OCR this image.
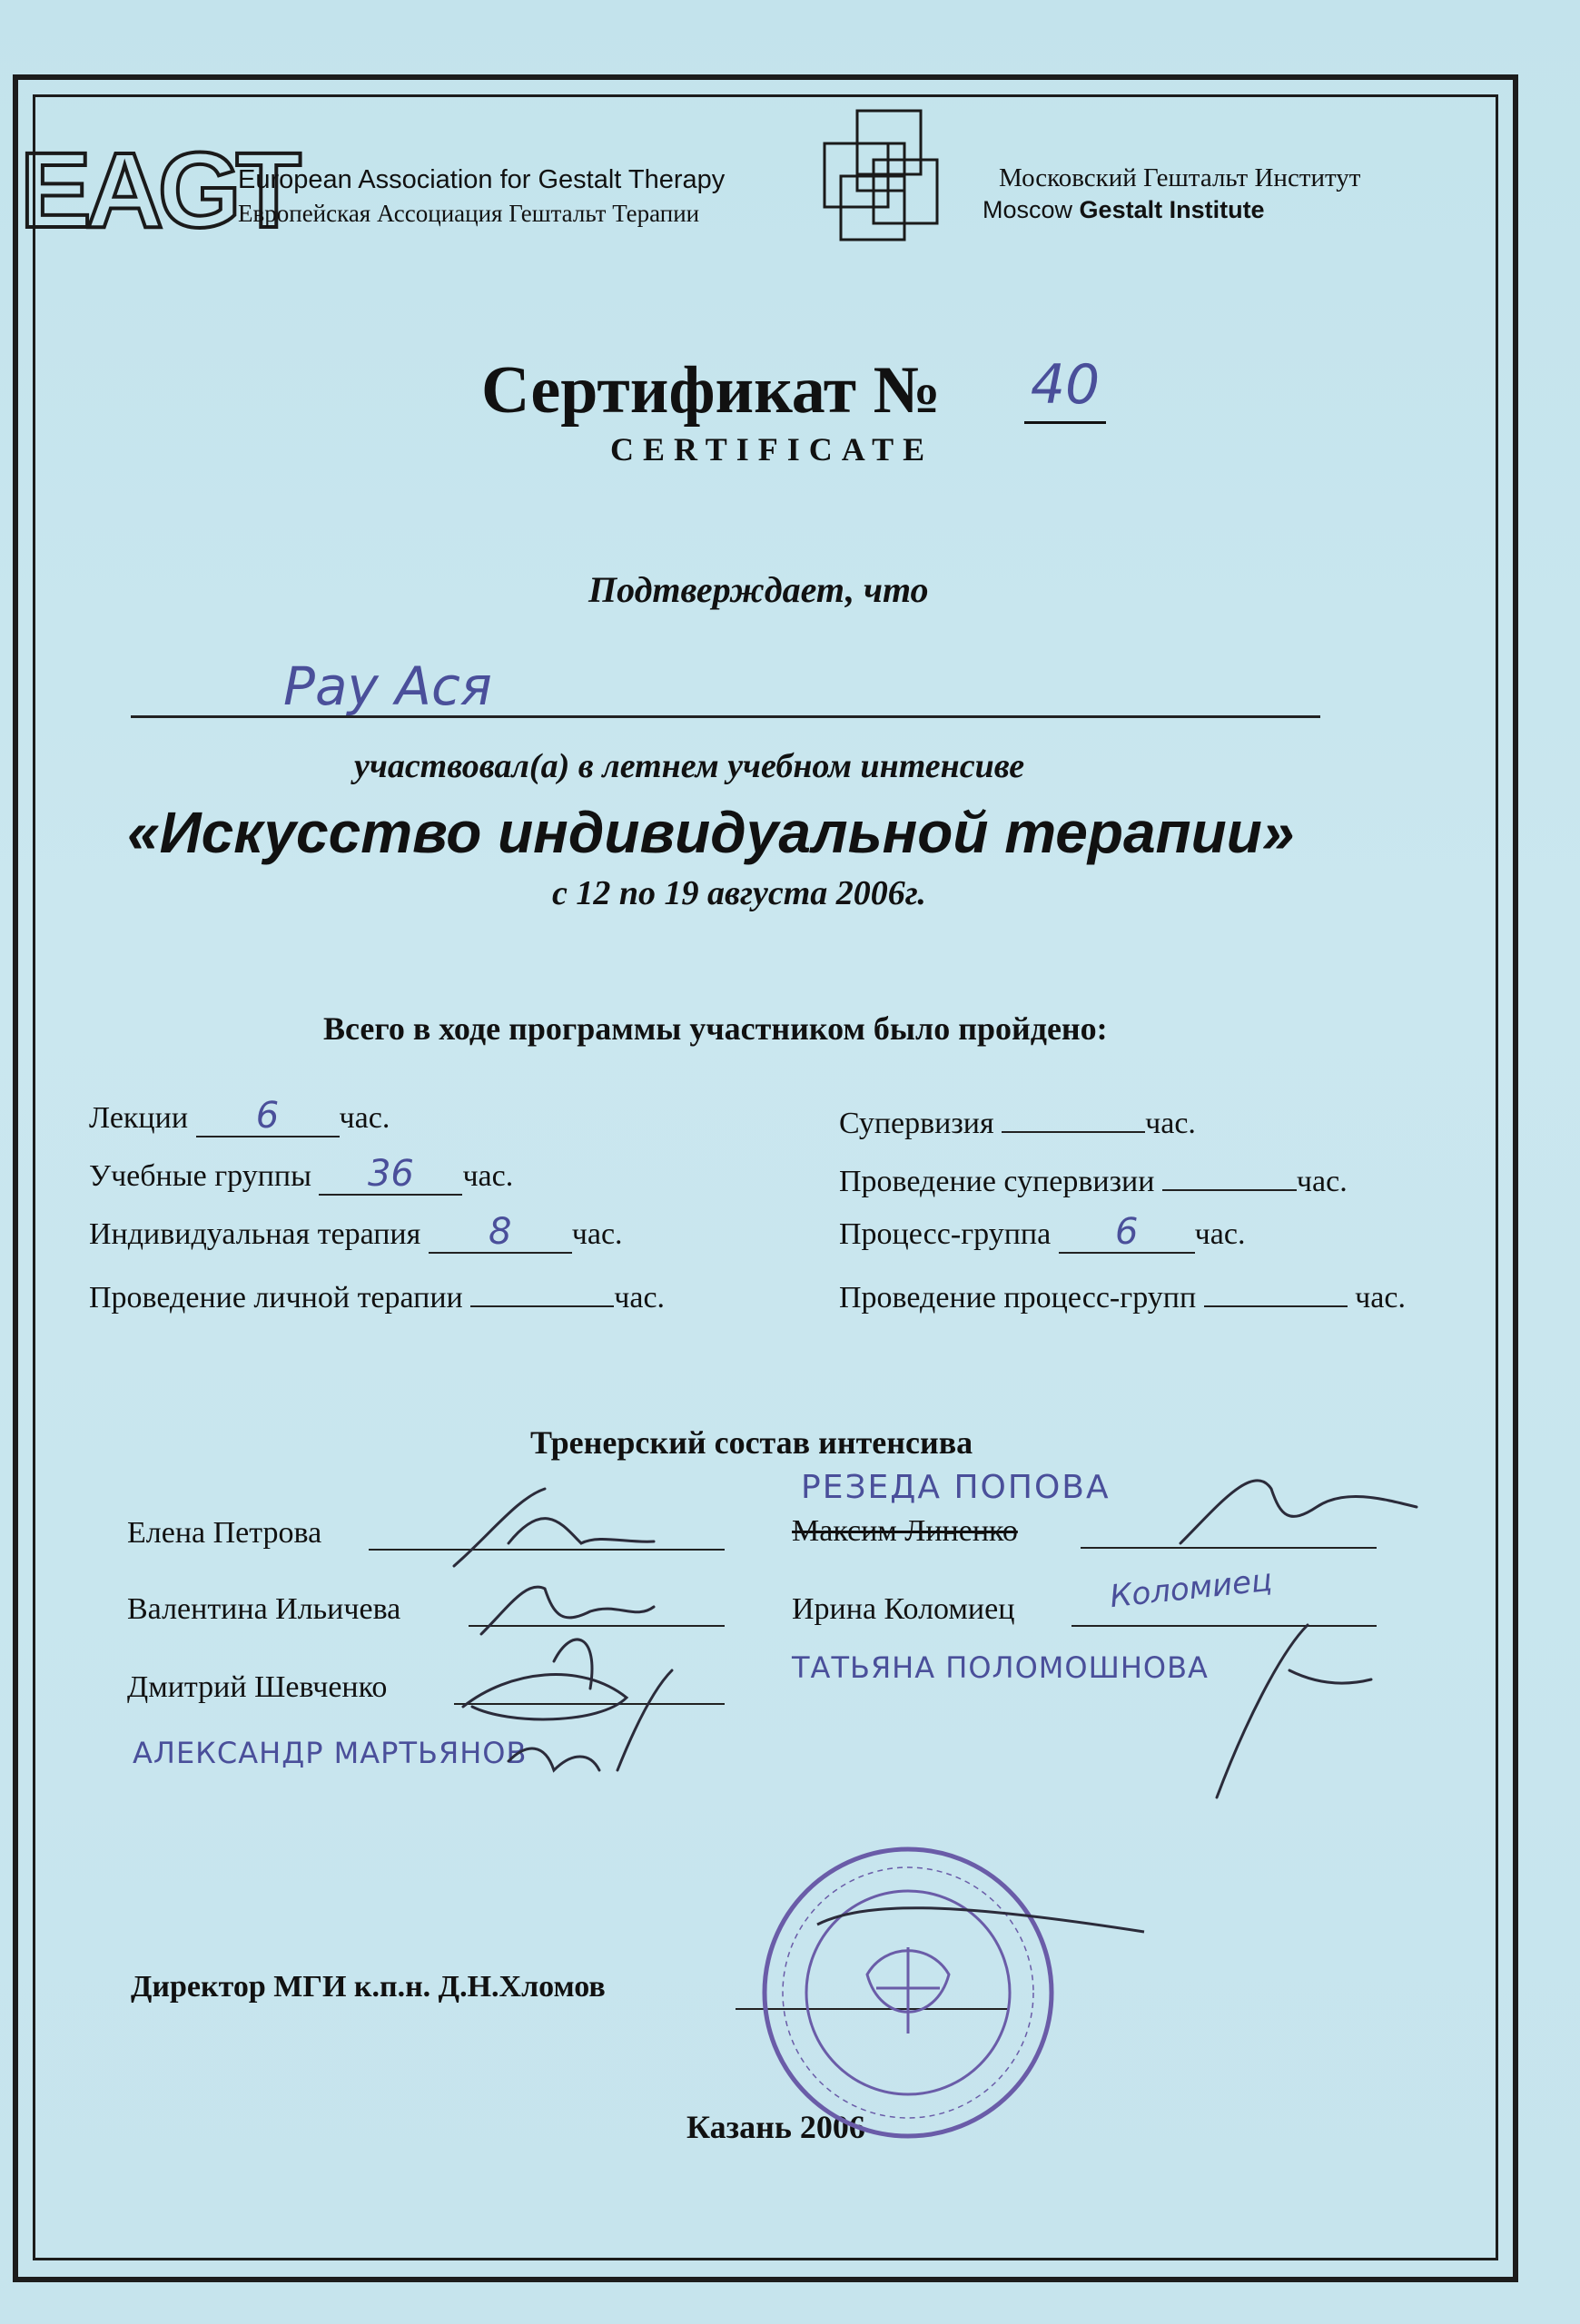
EAGT
European Association for Gestalt Therapy
Европейская Ассоциация Гештальт Терапии
Московский Гештальт Институт
Moscow Gestalt Institute
Сертификат № 40
CERTIFICATE
Подтверждает, что
Рау Ася
участвовал(а) в летнем учебном интенсиве
«Искусство индивидуальной терапии»
с 12 по 19 августа 2006г.
Всего в ходе программы участником было пройдено:
Лекции 6 час.
Учебные группы 36 час.
Индивидуальная терапия 8 час.
Проведение личной терапии	час.
Супервизия	час.
Проведение супервизии	час.
Процесс-группа 6 час.
Проведение процесс-групп	час.
Тренерский состав интенсива
Елена Петрова
Валентина Ильичева
Дмитрий Шевченко
Максим Линенко
Ирина Коломиец
РЕЗЕДА ПОПОВА
ТАТЬЯНА ПОЛОМОШНОВА
АЛЕКСАНДР МАРТЬЯНОВ
Коломиец
Директор МГИ к.п.н. Д.Н.Хломов
Казань 2006
